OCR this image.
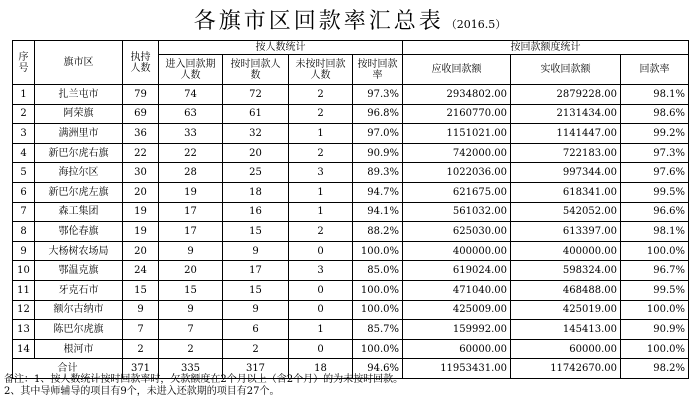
各旗市区回款率汇总表 （2016.5）
序号	旗市区	执持人数	按人数统计				按回款额度统计		
			进入回款期人数	按时回款人数	未按时回款人数	按时回款率	应收回款额	实收回款额	回款率
1	扎兰屯市	79	74	72	2	97.3%	2934802.00	2879228.00	98.1%
2	阿荣旗	69	63	61	2	96.8%	2160770.00	2131434.00	98.6%
3	满洲里市	36	33	32	1	97.0%	1151021.00	1141447.00	99.2%
4	新巴尔虎右旗	22	22	20	2	90.9%	742000.00	722183.00	97.3%
5	海拉尔区	30	28	25	3	89.3%	1022036.00	997344.00	97.6%
6	新巴尔虎左旗	20	19	18	1	94.7%	621675.00	618341.00	99.5%
7	森工集团	19	17	16	1	94.1%	561032.00	542052.00	96.6%
8	鄂伦春旗	19	17	15	2	88.2%	625030.00	613397.00	98.1%
9	大杨树农场局	20	9	9	0	100.0%	400000.00	400000.00	100.0%
10	鄂温克旗	24	20	17	3	85.0%	619024.00	598324.00	96.7%
11	牙克石市	15	15	15	0	100.0%	471040.00	468488.00	99.5%
12	额尔古纳市	9	9	9	0	100.0%	425009.00	425019.00	100.0%
13	陈巴尔虎旗	7	7	6	1	85.7%	159992.00	145413.00	90.9%
14	根河市	2	2	2	0	100.0%	60000.00	60000.00	100.0%
合计		371	335	317	18	94.6%	11953431.00	11742670.00	98.2%
备注：1、按人数统计按时回款率时，欠款额度在2个月以上（含2个月）的为未按时回款。
2、其中导师辅导的项目有9个，未进入还款期的项目有27个。
